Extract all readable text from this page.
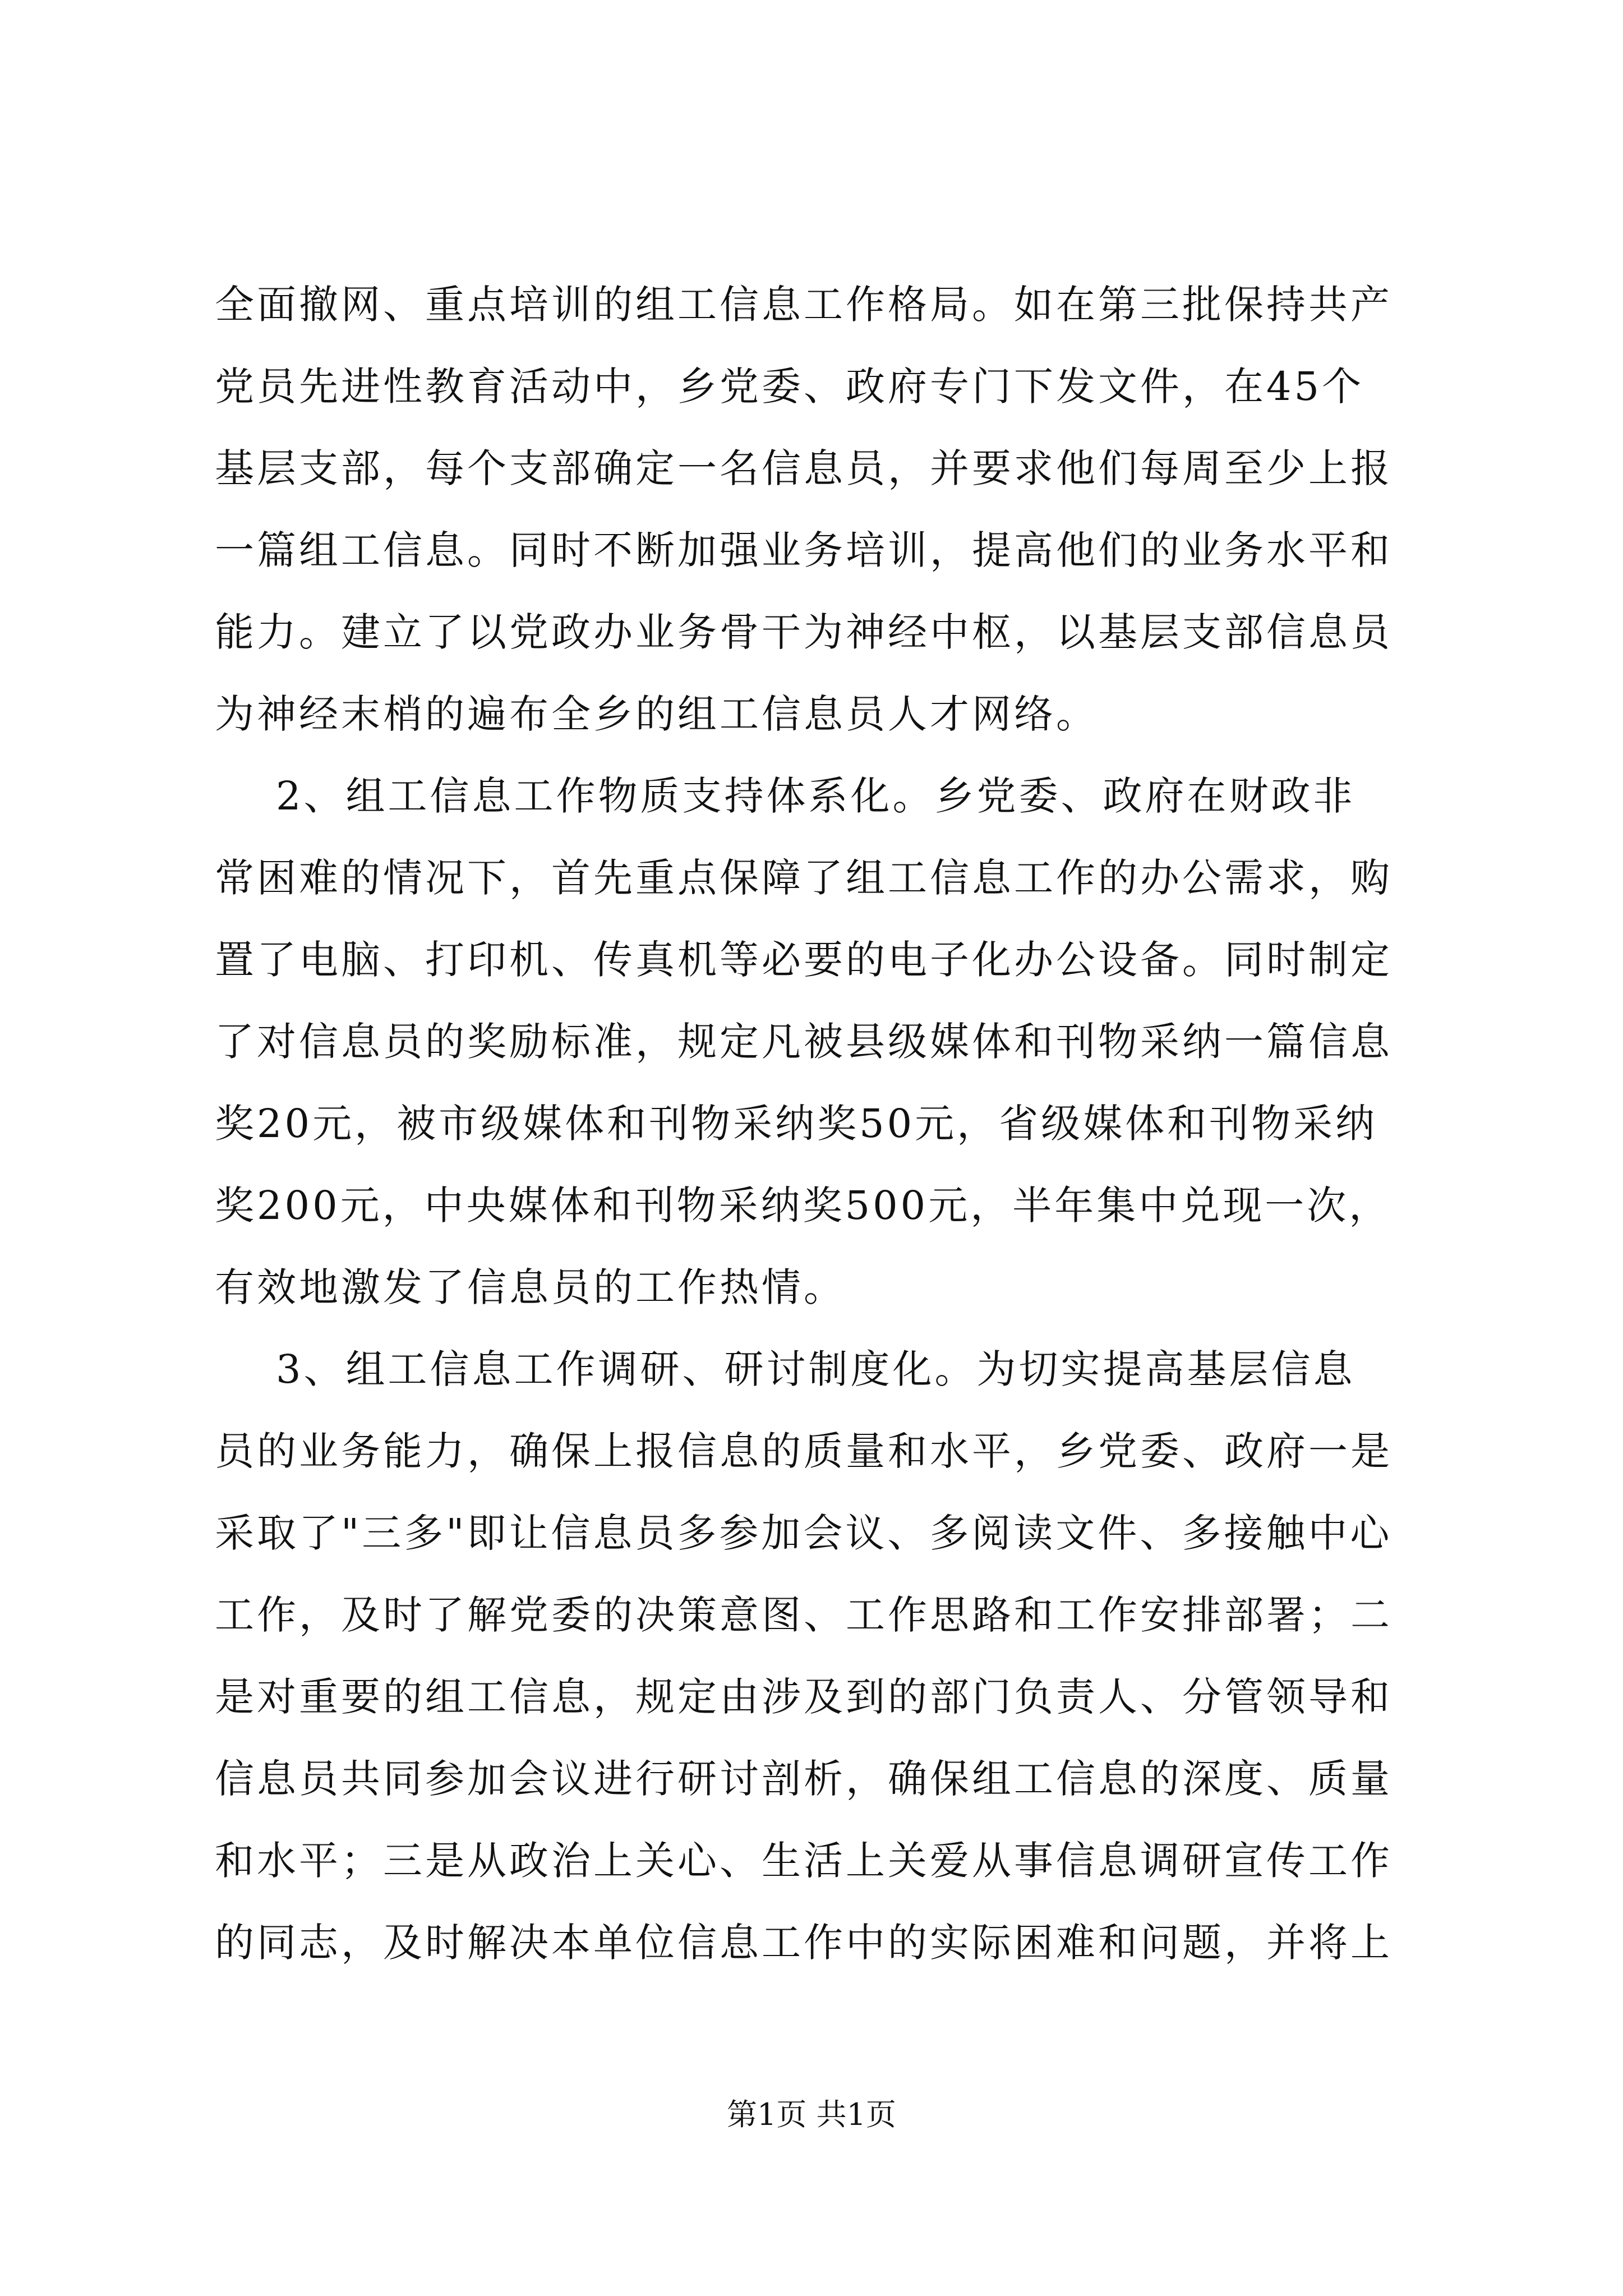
全面撤网、重点培训的组工信息工作格局。如在第三批保持共产
党员先进性教育活动中，乡党委、政府专门下发文件，在45个
基层支部，每个支部确定一名信息员，并要求他们每周至少上报
一篇组工信息。同时不断加强业务培训，提高他们的业务水平和
能力。建立了以党政办业务骨干为神经中枢，以基层支部信息员
为神经末梢的遍布全乡的组工信息员人才网络。
2、组工信息工作物质支持体系化。乡党委、政府在财政非
常困难的情况下，首先重点保障了组工信息工作的办公需求，购
置了电脑、打印机、传真机等必要的电子化办公设备。同时制定
了对信息员的奖励标准，规定凡被县级媒体和刊物采纳一篇信息
奖20元，被市级媒体和刊物采纳奖50元，省级媒体和刊物采纳
奖200元，中央媒体和刊物采纳奖500元，半年集中兑现一次，
有效地激发了信息员的工作热情。
3、组工信息工作调研、研讨制度化。为切实提高基层信息
员的业务能力，确保上报信息的质量和水平，乡党委、政府一是
采取了"三多"即让信息员多参加会议、多阅读文件、多接触中心
工作，及时了解党委的决策意图、工作思路和工作安排部署；二
是对重要的组工信息，规定由涉及到的部门负责人、分管领导和
信息员共同参加会议进行研讨剖析，确保组工信息的深度、质量
和水平；三是从政治上关心、生活上关爱从事信息调研宣传工作
的同志，及时解决本单位信息工作中的实际困难和问题，并将上
第1页 共1页
